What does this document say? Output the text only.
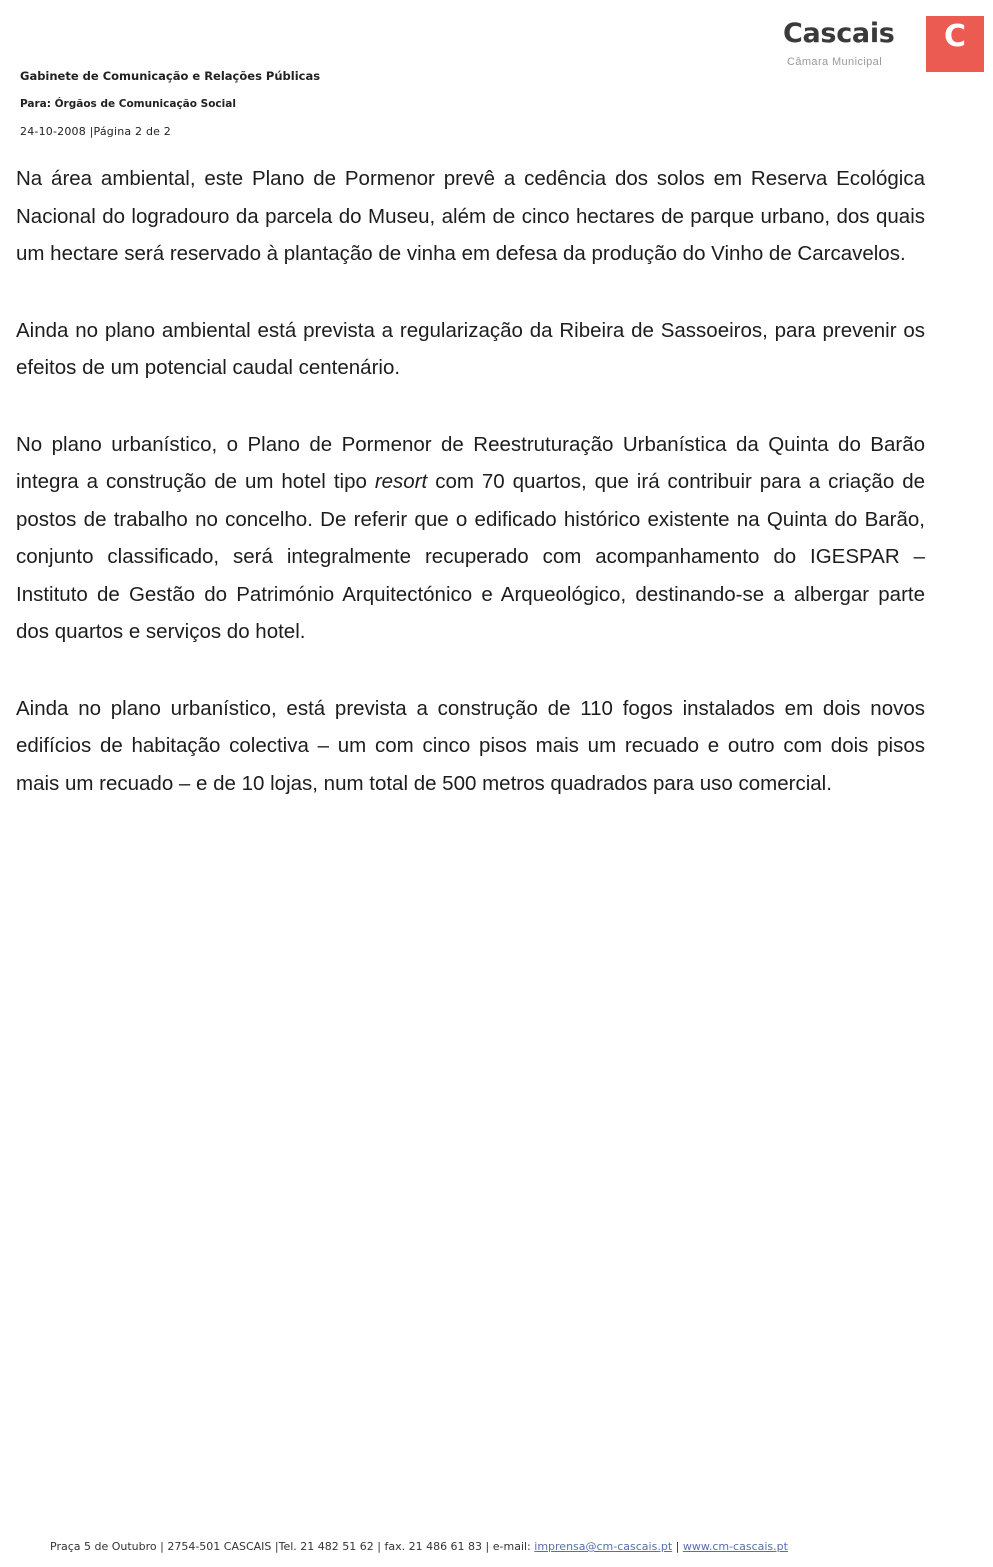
Gabinete de Comunicação e Relações Públicas
Para: Órgãos de Comunicação Social
24-10-2008 |Página 2 de 2
Cascais
Câmara Municipal
C

Na área ambiental, este Plano de Pormenor prevê a cedência dos solos em Reserva Ecológica Nacional do logradouro da parcela do Museu, além de cinco hectares de parque urbano, dos quais um hectare será reservado à plantação de vinha em defesa da produção do Vinho de Carcavelos.

Ainda no plano ambiental está prevista a regularização da Ribeira de Sassoeiros, para prevenir os efeitos de um potencial caudal centenário.

No plano urbanístico, o Plano de Pormenor de Reestruturação Urbanística da Quinta do Barão integra a construção de um hotel tipo resort com 70 quartos, que irá contribuir para a criação de postos de trabalho no concelho. De referir que o edificado histórico existente na Quinta do Barão, conjunto classificado, será integralmente recuperado com acompanhamento do IGESPAR – Instituto de Gestão do Património Arquitectónico e Arqueológico, destinando-se a albergar parte dos quartos e serviços do hotel.

Ainda no plano urbanístico, está prevista a construção de 110 fogos instalados em dois novos edifícios de habitação colectiva – um com cinco pisos mais um recuado e outro com dois pisos mais um recuado – e de 10 lojas, num total de 500 metros quadrados para uso comercial.

Praça 5 de Outubro | 2754-501 CASCAIS |Tel. 21 482 51 62 | fax. 21 486 61 83 | e-mail: imprensa@cm-cascais.pt | www.cm-cascais.pt
